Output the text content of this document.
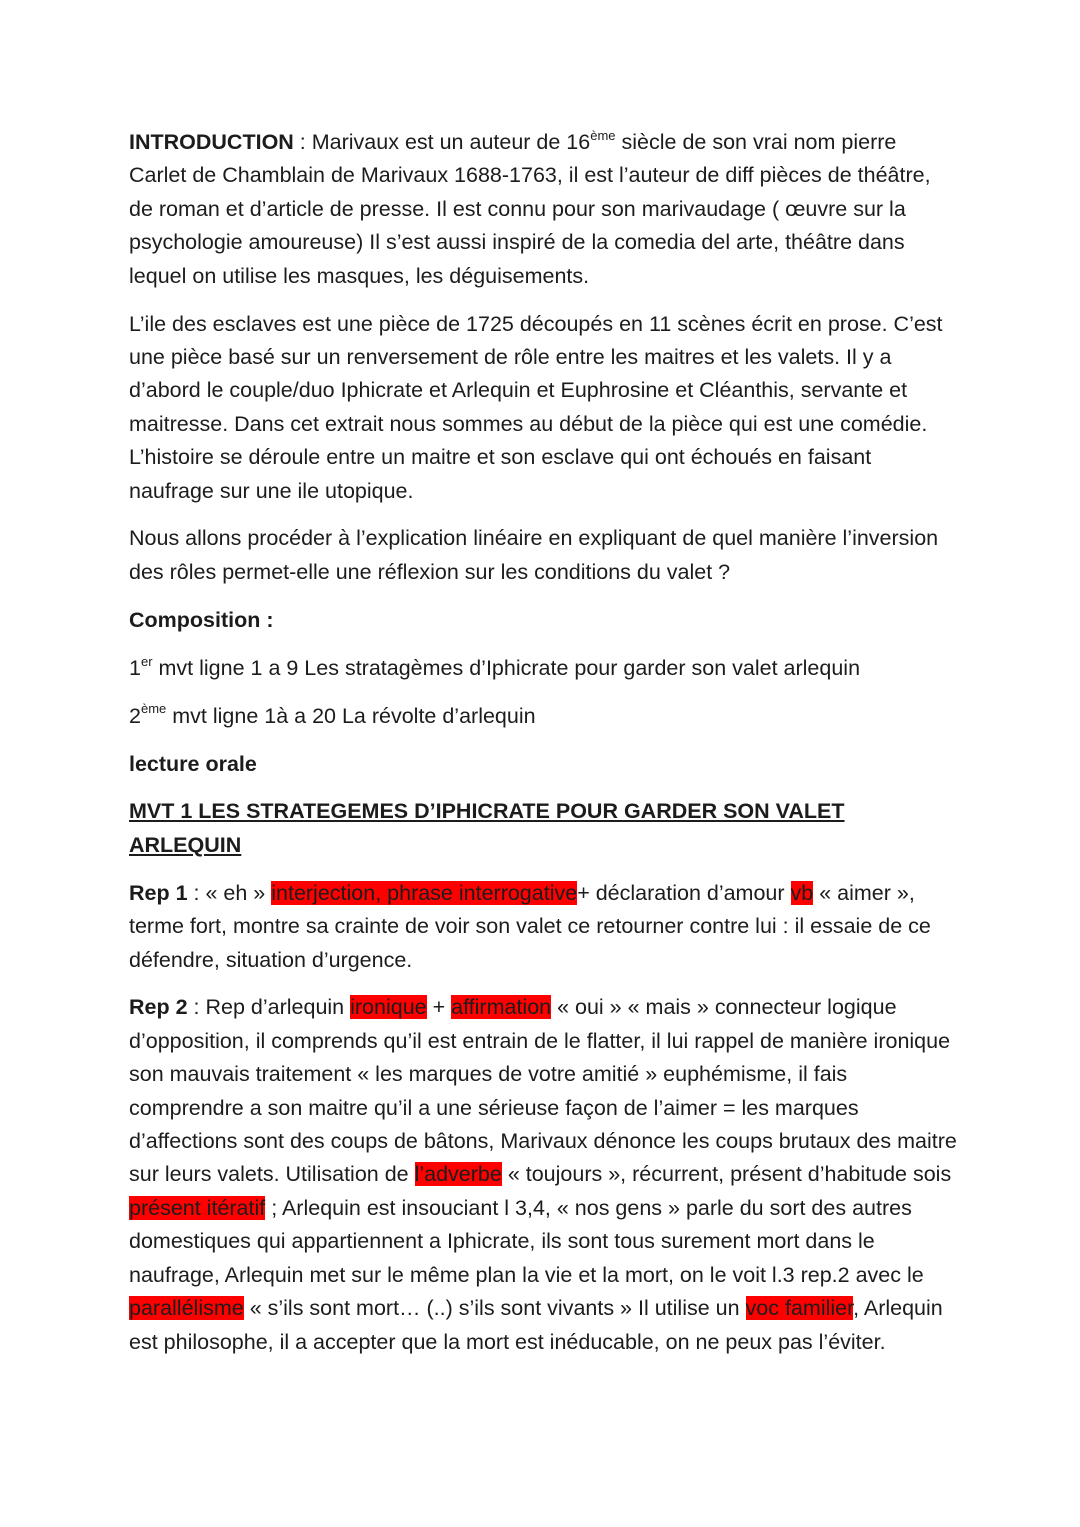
INTRODUCTION : Marivaux est un auteur de 16ème siècle de son vrai nom pierre Carlet de Chamblain de Marivaux 1688-1763, il est l’auteur de diff pièces de théâtre, de roman et d’article de presse. Il est connu pour son marivaudage ( œuvre sur la psychologie amoureuse) Il s’est aussi inspiré de la comedia del arte, théâtre dans lequel on utilise les masques, les déguisements.

L’ile des esclaves est une pièce de 1725 découpés en 11 scènes écrit en prose. C’est une pièce basé sur un renversement de rôle entre les maitres et les valets. Il y a d’abord le couple/duo Iphicrate et Arlequin et Euphrosine et Cléanthis, servante et maitresse. Dans cet extrait nous sommes au début de la pièce qui est une comédie. L’histoire se déroule entre un maitre et son esclave qui ont échoués en faisant naufrage sur une ile utopique.

Nous allons procéder à l’explication linéaire en expliquant de quel manière l’inversion des rôles permet-elle une réflexion sur les conditions du valet ?

Composition :

1er mvt ligne 1 a 9 Les stratagèmes d’Iphicrate pour garder son valet arlequin

2ème mvt ligne 1à a 20 La révolte d’arlequin

lecture orale

MVT 1 LES STRATEGEMES D’IPHICRATE POUR GARDER SON VALET ARLEQUIN

Rep 1 : « eh » interjection, phrase interrogative+ déclaration d’amour vb « aimer », terme fort, montre sa crainte de voir son valet ce retourner contre lui : il essaie de ce défendre, situation d’urgence.

Rep 2 : Rep d’arlequin ironique + affirmation « oui » « mais » connecteur logique d’opposition, il comprends qu’il est entrain de le flatter, il lui rappel de manière ironique son mauvais traitement « les marques de votre amitié » euphémisme, il fais comprendre a son maitre qu’il a une sérieuse façon de l’aimer = les marques d’affections sont des coups de bâtons, Marivaux dénonce les coups brutaux des maitre sur leurs valets. Utilisation de l’adverbe « toujours », récurrent, présent d’habitude sois présent itératif ; Arlequin est insouciant l 3,4, « nos gens » parle du sort des autres domestiques qui appartiennent a Iphicrate, ils sont tous surement mort dans le naufrage, Arlequin met sur le même plan la vie et la mort, on le voit l.3 rep.2 avec le parallélisme « s’ils sont mort… (..) s’ils sont vivants » Il utilise un voc familier, Arlequin est philosophe, il a accepter que la mort est inéducable, on ne peux pas l’éviter.
